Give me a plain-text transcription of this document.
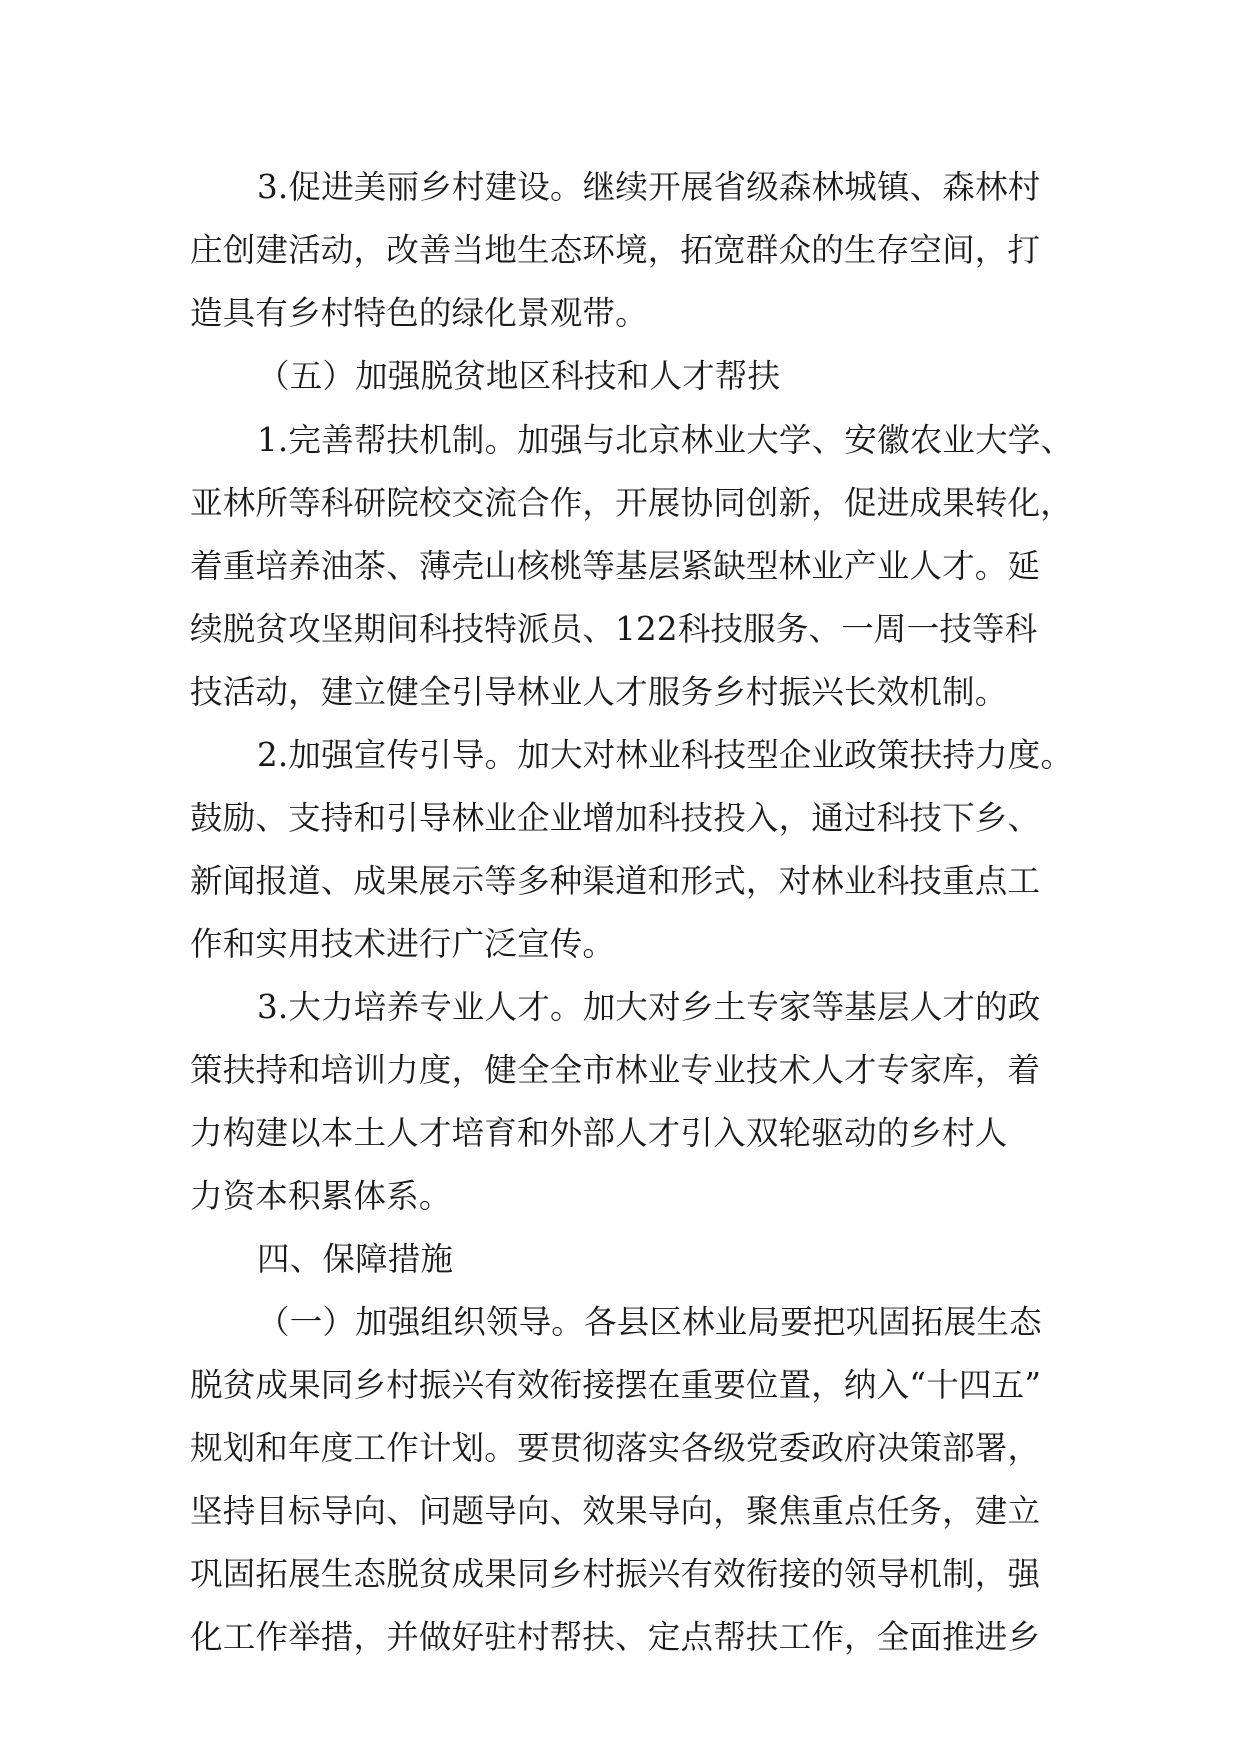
3.促进美丽乡村建设。继续开展省级森林城镇、森林村
庄创建活动，改善当地生态环境，拓宽群众的生存空间，打
造具有乡村特色的绿化景观带。
（五）加强脱贫地区科技和人才帮扶
1.完善帮扶机制。加强与北京林业大学、安徽农业大学、
亚林所等科研院校交流合作，开展协同创新，促进成果转化，
着重培养油茶、薄壳山核桃等基层紧缺型林业产业人才。延
续脱贫攻坚期间科技特派员、122科技服务、一周一技等科
技活动，建立健全引导林业人才服务乡村振兴长效机制。
2.加强宣传引导。加大对林业科技型企业政策扶持力度。
鼓励、支持和引导林业企业增加科技投入，通过科技下乡、
新闻报道、成果展示等多种渠道和形式，对林业科技重点工
作和实用技术进行广泛宣传。
3.大力培养专业人才。加大对乡土专家等基层人才的政
策扶持和培训力度，健全全市林业专业技术人才专家库，着
力构建以本土人才培育和外部人才引入双轮驱动的乡村人
力资本积累体系。
四、保障措施
（一）加强组织领导。各县区林业局要把巩固拓展生态
脱贫成果同乡村振兴有效衔接摆在重要位置，纳入“十四五”
规划和年度工作计划。要贯彻落实各级党委政府决策部署，
坚持目标导向、问题导向、效果导向，聚焦重点任务，建立
巩固拓展生态脱贫成果同乡村振兴有效衔接的领导机制，强
化工作举措，并做好驻村帮扶、定点帮扶工作，全面推进乡
